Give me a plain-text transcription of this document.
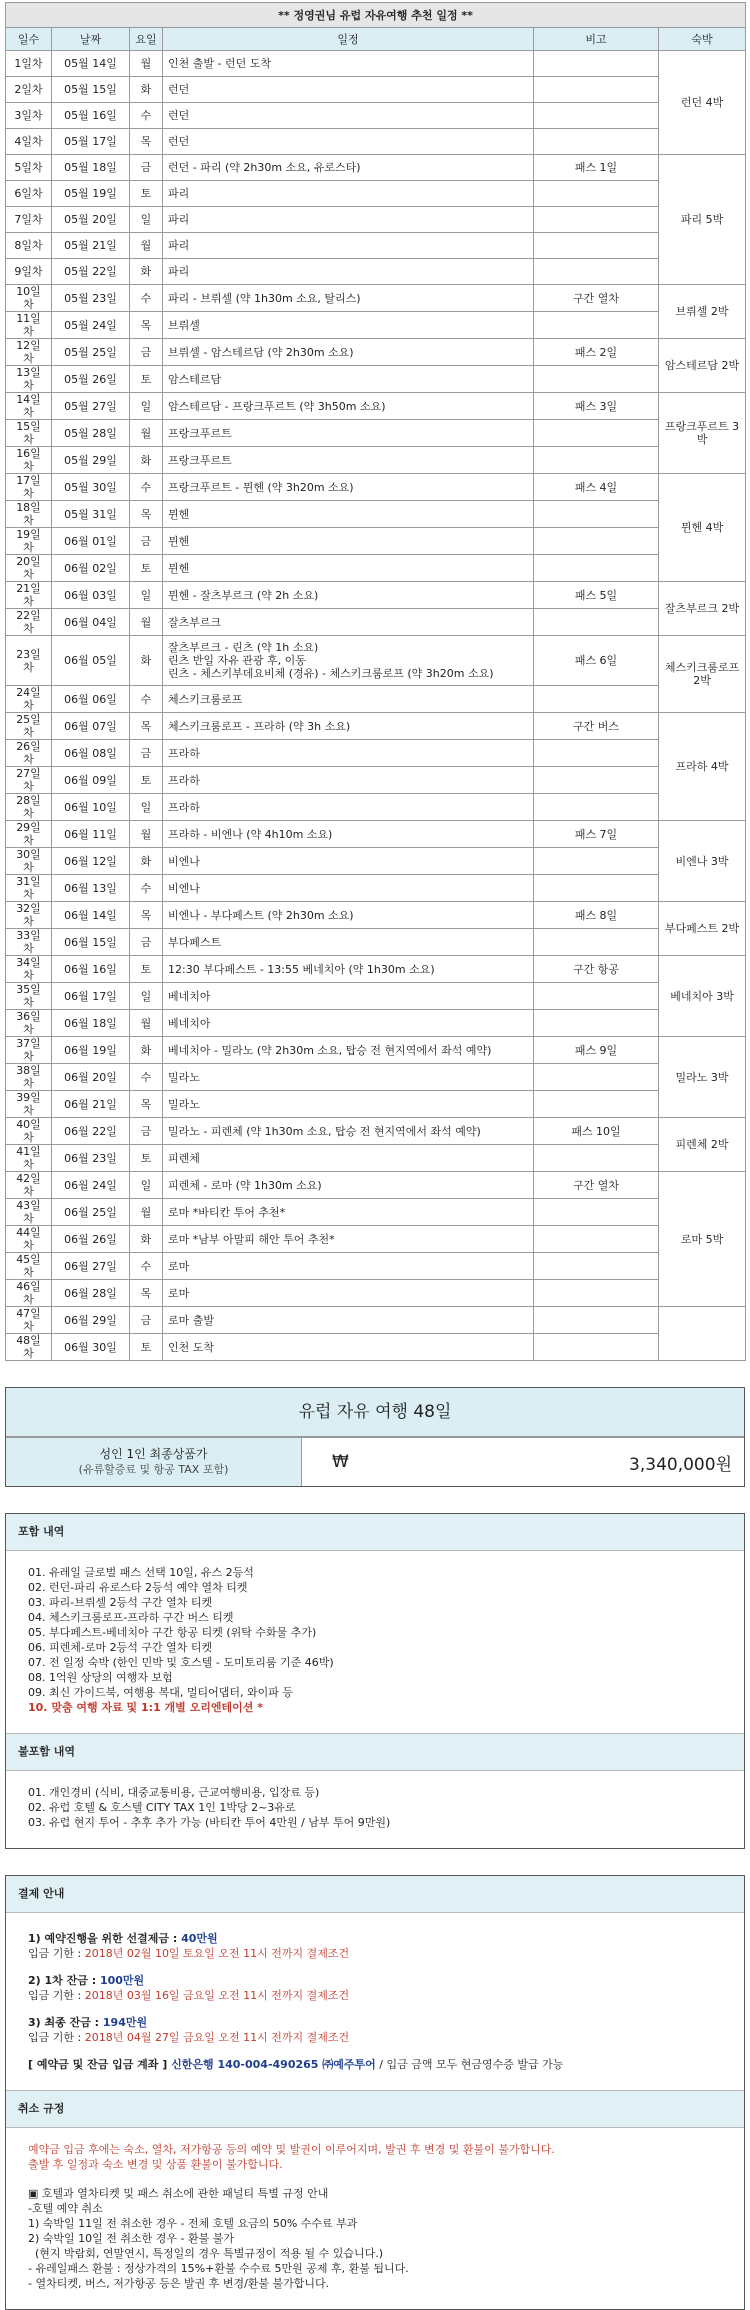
** 정영권님 유럽 자유여행 추천 일정 **					
일수	날짜	요일	일정	비고	숙박
1일차	05월 14일	월	인천 출발 - 런던 도착		런던 4박
2일차	05월 15일	화	런던		
3일차	05월 16일	수	런던		
4일차	05월 17일	목	런던		
5일차	05월 18일	금	런던 - 파리 (약 2h30m 소요, 유로스타)	패스 1일	파리 5박
6일차	05월 19일	토	파리		
7일차	05월 20일	일	파리		
8일차	05월 21일	월	파리		
9일차	05월 22일	화	파리		
10일차	05월 23일	수	파리 - 브뤼셀 (약 1h30m 소요, 탈리스)	구간 열차	브뤼셀 2박
11일차	05월 24일	목	브뤼셀		
12일차	05월 25일	금	브뤼셀 - 암스테르담 (약 2h30m 소요)	패스 2일	암스테르담 2박
13일차	05월 26일	토	암스테르담		
14일차	05월 27일	일	암스테르담 - 프랑크푸르트 (약 3h50m 소요)	패스 3일	프랑크푸르트 3박
15일차	05월 28일	월	프랑크푸르트		
16일차	05월 29일	화	프랑크푸르트		
17일차	05월 30일	수	프랑크푸르트 - 뮌헨 (약 3h20m 소요)	패스 4일	뮌헨 4박
18일차	05월 31일	목	뮌헨		
19일차	06월 01일	금	뮌헨		
20일차	06월 02일	토	뮌헨		
21일차	06월 03일	일	뮌헨 - 잘츠부르크 (약 2h 소요)	패스 5일	잘츠부르크 2박
22일차	06월 04일	월	잘츠부르크		
23일차	06월 05일	화	잘츠부르크 - 린츠 (약 1h 소요)
린츠 반일 자유 관광 후, 이동
린츠 - 체스키부데요비체 (경유) - 체스키크룸로프 (약 3h20m 소요)	패스 6일	체스키크룸로프 2박
24일차	06월 06일	수	체스키크룸로프		
25일차	06월 07일	목	체스키크룸로프 - 프라하 (약 3h 소요)	구간 버스	프라하 4박
26일차	06월 08일	금	프라하		
27일차	06월 09일	토	프라하		
28일차	06월 10일	일	프라하		
29일차	06월 11일	월	프라하 - 비엔나 (약 4h10m 소요)	패스 7일	비엔나 3박
30일차	06월 12일	화	비엔나		
31일차	06월 13일	수	비엔나		
32일차	06월 14일	목	비엔나 - 부다페스트 (약 2h30m 소요)	패스 8일	부다페스트 2박
33일차	06월 15일	금	부다페스트		
34일차	06월 16일	토	12:30 부다페스트 - 13:55 베네치아 (약 1h30m 소요)	구간 항공	베네치아 3박
35일차	06월 17일	일	베네치아		
36일차	06월 18일	월	베네치아		
37일차	06월 19일	화	베네치아 - 밀라노 (약 2h30m 소요, 탑승 전 현지역에서 좌석 예약)	패스 9일	밀라노 3박
38일차	06월 20일	수	밀라노		
39일차	06월 21일	목	밀라노		
40일차	06월 22일	금	밀라노 - 피렌체 (약 1h30m 소요, 탑승 전 현지역에서 좌석 예약)	패스 10일	피렌체 2박
41일차	06월 23일	토	피렌체		
42일차	06월 24일	일	피렌체 - 로마 (약 1h30m 소요)	구간 열차	로마 5박
43일차	06월 25일	월	로마 *바티칸 투어 추천*		
44일차	06월 26일	화	로마 *남부 아말피 해안 투어 추천*		
45일차	06월 27일	수	로마		
46일차	06월 28일	목	로마		
47일차	06월 29일	금	로마 출발		
48일차	06월 30일	토	인천 도착		
유럽 자유 여행 48일
성인 1인 최종상품가
(유류할증료 및 항공 TAX 포함)	₩	3,340,000원
포함 내역
01. 유레일 글로벌 패스 선택 10일, 유스 2등석
02. 런던-파리 유로스타 2등석 예약 열차 티켓
03. 파리-브뤼셀 2등석 구간 열차 티켓
04. 체스키크룸로프-프라하 구간 버스 티켓
05. 부다페스트-베네치아 구간 항공 티켓 (위탁 수화물 추가)
06. 피렌체-로마 2등석 구간 열차 티켓
07. 전 일정 숙박 (한인 민박 및 호스텔 - 도미토리룸 기준 46박)
08. 1억원 상당의 여행자 보험
09. 최신 가이드북, 여행용 복대, 멀티어댑터, 와이파 등
10. 맞춤 여행 자료 및 1:1 개별 오리엔테이션 *
불포함 내역
01. 개인경비 (식비, 대중교통비용, 근교여행비용, 입장료 등)
02. 유럽 호텔 & 호스텔 CITY TAX 1인 1박당 2~3유로
03. 유럽 현지 투어 - 추후 추가 가능 (바티칸 투어 4만원 / 남부 투어 9만원)
결제 안내
1) 예약진행을 위한 선결제금 : 40만원
입금 기한 : 2018년 02월 10일 토요일 오전 11시 전까지 결제조건
2) 1차 잔금 : 100만원
입금 기한 : 2018년 03월 16일 금요일 오전 11시 전까지 결제조건
3) 최종 잔금 : 194만원
입금 기한 : 2018년 04월 27일 금요일 오전 11시 전까지 결제조건
[ 예약금 및 잔금 입금 계좌 ] 신한은행 140-004-490265 ㈜예주투어 / 입금 금액 모두 현금영수증 발급 가능
취소 규정
예약금 입금 후에는 숙소, 열차, 저가항공 등의 예약 및 발권이 이루어지며, 발권 후 변경 및 환불이 불가합니다.
출발 후 일정과 숙소 변경 및 상품 환불이 불가합니다.
▣ 호텔과 열차티켓 및 패스 취소에 관한 패널티 특별 규정 안내
-호텔 예약 취소
1) 숙박일 11일 전 취소한 경우 - 전체 호텔 요금의 50% 수수료 부과
2) 숙박일 10일 전 취소한 경우 - 환불 불가
(현지 박람회, 연말연시, 특정일의 경우 특별규정이 적용 될 수 있습니다.)
- 유레일패스 환불 : 정상가격의 15%+환불 수수료 5만원 공제 후, 환불 됩니다.
- 열차티켓, 버스, 저가항공 등은 발권 후 변경/환불 불가합니다.
